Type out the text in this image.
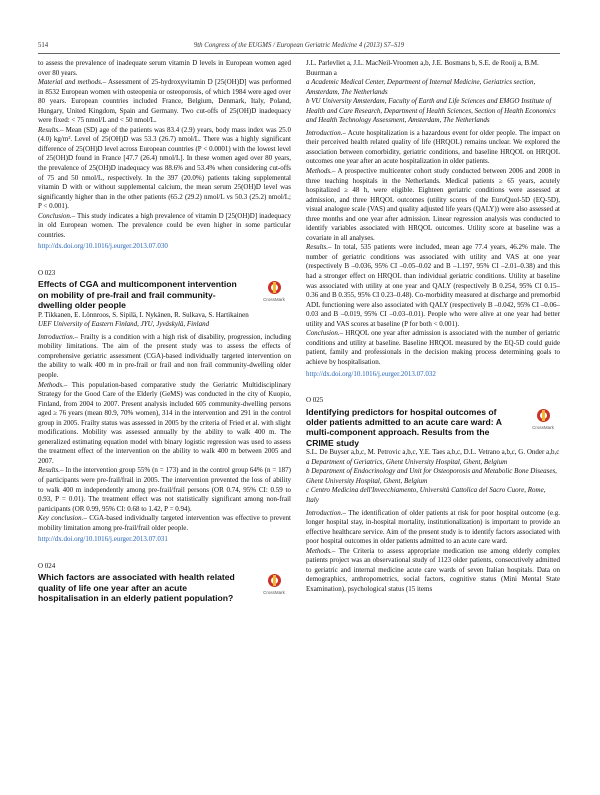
514	9th Congress of the EUGMS / European Geriatric Medicine 4 (2013) S7–S19

to assess the prevalence of inadequate serum vitamin D levels in European women aged over 80 years.

Material and methods.– Assessment of 25-hydroxyvitamin D [25(OH)D] was performed in 8532 European women with osteopenia or osteoporosis, of which 1984 were aged over 80 years. European countries included France, Belgium, Denmark, Italy, Poland, Hungary, United Kingdom, Spain and Germany. Two cut-offs of 25(OH)D inadequacy were fixed: < 75 nmol/L and < 50 nmol/L.

Results.– Mean (SD) age of the patients was 83.4 (2.9) years, body mass index was 25.0 (4.0) kg/m². Level of 25(OH)D was 53.3 (26.7) nmol/L. There was a highly significant difference of 25(OH)D level across European countries (P < 0.0001) with the lowest level of 25(OH)D found in France [47.7 (26.4) nmol/L]. In these women aged over 80 years, the prevalence of 25(OH)D inadequacy was 88.6% and 53.4% when considering cut-offs of 75 and 50 nmol/L, respectively. In the 397 (20.0%) patients taking supplemental vitamin D with or without supplemental calcium, the mean serum 25(OH)D level was significantly higher than in the other patients (65.2 (29.2) nmol/L vs 50.3 (25.2) nmol/L; P < 0.001).

Conclusion.– This study indicates a high prevalence of vitamin D [25(OH)D] inadequacy in old European women. The prevalence could be even higher in some particular countries.

http://dx.doi.org/10.1016/j.eurger.2013.07.030
O 023
Effects of CGA and multicomponent intervention on mobility of pre-frail and frail community-dwelling older people
CrossMark

P. Tikkanen, E. Lönnroos, S. Sipilä, I. Nykänen, R. Sulkava, S. Hartikainen

UEF University of Eastern Finland, JYU, Jyväskylä, Finland

Introduction.– Frailty is a condition with a high risk of disability, progression, including mobility limitations. The aim of the present study was to assess the effects of comprehensive geriatric assessment (CGA)-based individually targeted intervention on the ability to walk 400 m in pre-frail or frail and non frail community-dwelling older people.

Methods.– This population-based comparative study the Geriatric Multidisciplinary Strategy for the Good Care of the Elderly (GeMS) was conducted in the city of Kuopio, Finland, from 2004 to 2007. Present analysis included 605 community-dwelling persons aged ≥ 76 years (mean 80.9, 70% women), 314 in the intervention and 291 in the control group in 2005. Frailty status was assessed in 2005 by the criteria of Fried et al. with slight modifications. Mobility was assessed annually by the ability to walk 400 m. The generalized estimating equation model with binary logistic regression was used to assess the treatment effect of the intervention on the ability to walk 400 m between 2005 and 2007.

Results.– In the intervention group 55% (n = 173) and in the control group 64% (n = 187) of participants were pre-frail/frail in 2005. The intervention prevented the loss of ability to walk 400 m independently among pre-frail/frail persons (OR 0.74, 95% CI: 0.59 to 0.93, P = 0.01). The treatment effect was not statistically significant among non-frail participants (OR 0.99, 95% CI: 0.68 to 1.42, P = 0.94).

Key conclusion.– CGA-based individually targeted intervention was effective to prevent mobility limitation among pre-frail/frail older people.

http://dx.doi.org/10.1016/j.eurger.2013.07.031
O 024
Which factors are associated with health related quality of life one year after an acute hospitalisation in an elderly patient population?
CrossMark

J.L. Parlevliet a, J.L. MacNeil-Vroomen a,b, J.E. Bosmans b, S.E. de Rooij a, B.M. Buurman a

a Academic Medical Center, Department of Internal Medicine, Geriatrics section, Amsterdam, The Netherlands

b VU University Amsterdam, Faculty of Earth and Life Sciences and EMGO Institute of Health and Care Research, Department of Health Sciences, Section of Health Economics and Health Technology Assessment, Amsterdam, The Netherlands

Introduction.– Acute hospitalization is a hazardous event for older people. The impact on their perceived health related quality of life (HRQOL) remains unclear. We explored the association between comorbidity, geriatric conditions, and baseline HRQOL on HRQOL outcomes one year after an acute hospitalization in older patients.

Methods.– A prospective multicenter cohort study conducted between 2006 and 2008 in three teaching hospitals in the Netherlands. Medical patients ≥ 65 years, acutely hospitalized ≥ 48 h, were eligible. Eighteen geriatric conditions were assessed at admission, and three HRQOL outcomes (utility scores of the EuroQuol-5D (EQ-5D), visual analogue scale (VAS) and quality adjusted life years (QALY)) were also assessed at three months and one year after admission. Linear regression analysis was conducted to identify variables associated with HRQOL outcomes. Utility score at baseline was a covariate in all analyses.

Results.– In total, 535 patients were included, mean age 77.4 years, 46.2% male. The number of geriatric conditions was associated with utility and VAS at one year (respectively B –0.036, 95% CI –0.05–0.02 and B –1.197, 95% CI –2.01–0.38) and this had a stronger effect on HRQOL than individual geriatric conditions. Utility at baseline was associated with utility at one year and QALY (respectively B 0.254, 95% CI 0.15–0.36 and B 0.355, 95% CI 0.23–0.48). Co-morbidity measured at discharge and premorbid ADL functioning were also associated with QALY (respectively B –0.042, 95% CI –0.06–0.03 and B –0.019, 95% CI –0.03–0.01). People who were alive at one year had better utility and VAS scores at baseline (P for both < 0.001).

Conclusion.– HRQOL one year after admission is associated with the number of geriatric conditions and utility at baseline. Baseline HRQOL measured by the EQ-5D could guide patient, family and professionals in the decision making process determining goals to achieve by hospitalisation.

http://dx.doi.org/10.1016/j.eurger.2013.07.032
O 025
Identifying predictors for hospital outcomes of older patients admitted to an acute care ward: A multi-component approach. Results from the CRIME study
CrossMark

S.L. De Buyser a,b,c, M. Petrovic a,b,c, Y.E. Taes a,b,c, D.L. Vetrano a,b,c, G. Onder a,b,c

a Department of Geriatrics, Ghent University Hospital, Ghent, Belgium

b Department of Endocrinology and Unit for Osteoporosis and Metabolic Bone Diseases, Ghent University Hospital, Ghent, Belgium

c Centro Medicina dell'Invecchiamento, Università Cattolica del Sacro Cuore, Rome, Italy

Introduction.– The identification of older patients at risk for poor hospital outcome (e.g. longer hospital stay, in-hospital mortality, institutionalization) is important to provide an effective healthcare service. Aim of the present study is to identify factors associated with poor hospital outcomes in older patients admitted to an acute care ward.

Methods.– The Criteria to assess appropriate medication use among elderly complex patients project was an observational study of 1123 older patients, consecutively admitted to geriatric and internal medicine acute care wards of seven Italian hospitals. Data on demographics, anthropometrics, social factors, cognitive status (Mini Mental State Examination), psychological status (15 items
